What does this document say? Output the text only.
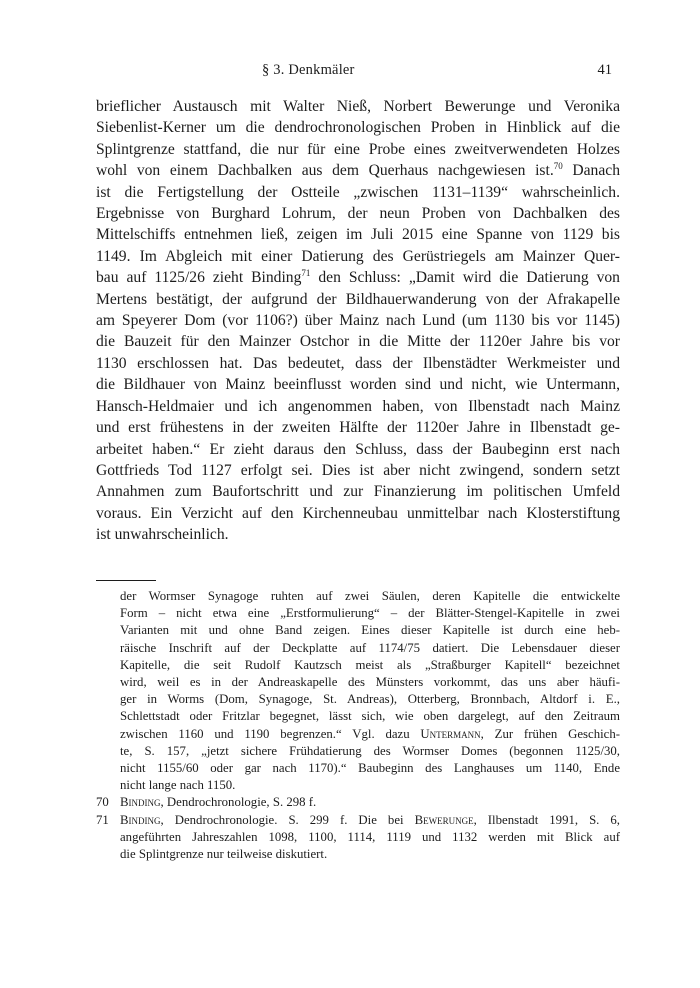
§ 3. Denkmäler	41
brieflicher Austausch mit Walter Nieß, Norbert Bewerunge und Veronika
Siebenlist-Kerner um die dendrochronologischen Proben in Hinblick auf die
Splintgrenze stattfand, die nur für eine Probe eines zweitverwendeten Holzes
wohl von einem Dachbalken aus dem Querhaus nachgewiesen ist.$^{70}$ Danach
ist die Fertigstellung der Ostteile „zwischen 1131–1139“ wahrscheinlich.
Ergebnisse von Burghard Lohrum, der neun Proben von Dachbalken des
Mittelschiffs entnehmen ließ, zeigen im Juli 2015 eine Spanne von 1129 bis
1149. Im Abgleich mit einer Datierung des Gerüstriegels am Mainzer Quer-
bau auf 1125/26 zieht Binding$^{71}$ den Schluss: „Damit wird die Datierung von
Mertens bestätigt, der aufgrund der Bildhauerwanderung von der Afrakapelle
am Speyerer Dom (vor 1106?) über Mainz nach Lund (um 1130 bis vor 1145)
die Bauzeit für den Mainzer Ostchor in die Mitte der 1120er Jahre bis vor
1130 erschlossen hat. Das bedeutet, dass der Ilbenstädter Werkmeister und
die Bildhauer von Mainz beeinflusst worden sind und nicht, wie Untermann,
Hansch-Heldmaier und ich angenommen haben, von Ilbenstadt nach Mainz
und erst frühestens in der zweiten Hälfte der 1120er Jahre in Ilbenstadt ge-
arbeitet haben.“ Er zieht daraus den Schluss, dass der Baubeginn erst nach
Gottfrieds Tod 1127 erfolgt sei. Dies ist aber nicht zwingend, sondern setzt
Annahmen zum Baufortschritt und zur Finanzierung im politischen Umfeld
voraus. Ein Verzicht auf den Kirchenneubau unmittelbar nach Klosterstiftung
ist unwahrscheinlich.
der Wormser Synagoge ruhten auf zwei Säulen, deren Kapitelle die entwickelte
Form – nicht etwa eine „Erstformulierung“ – der Blätter-Stengel-Kapitelle in zwei
Varianten mit und ohne Band zeigen. Eines dieser Kapitelle ist durch eine heb-
räische Inschrift auf der Deckplatte auf 1174/75 datiert. Die Lebensdauer dieser
Kapitelle, die seit Rudolf Kautzsch meist als „Straßburger Kapitell“ bezeichnet
wird, weil es in der Andreaskapelle des Münsters vorkommt, das uns aber häufi-
ger in Worms (Dom, Synagoge, St. Andreas), Otterberg, Bronnbach, Altdorf i. E.,
Schlettstadt oder Fritzlar begegnet, lässt sich, wie oben dargelegt, auf den Zeitraum
zwischen 1160 und 1190 begrenzen.“ Vgl. dazu Untermann, Zur frühen Geschich-
te, S. 157, „jetzt sichere Frühdatierung des Wormser Domes (begonnen 1125/30,
nicht 1155/60 oder gar nach 1170).“ Baubeginn des Langhauses um 1140, Ende
nicht lange nach 1150.
70 Binding, Dendrochronologie, S. 298 f.
71 Binding, Dendrochronologie. S. 299 f. Die bei Bewerunge, Ilbenstadt 1991, S. 6,
angeführten Jahreszahlen 1098, 1100, 1114, 1119 und 1132 werden mit Blick auf
die Splintgrenze nur teilweise diskutiert.
